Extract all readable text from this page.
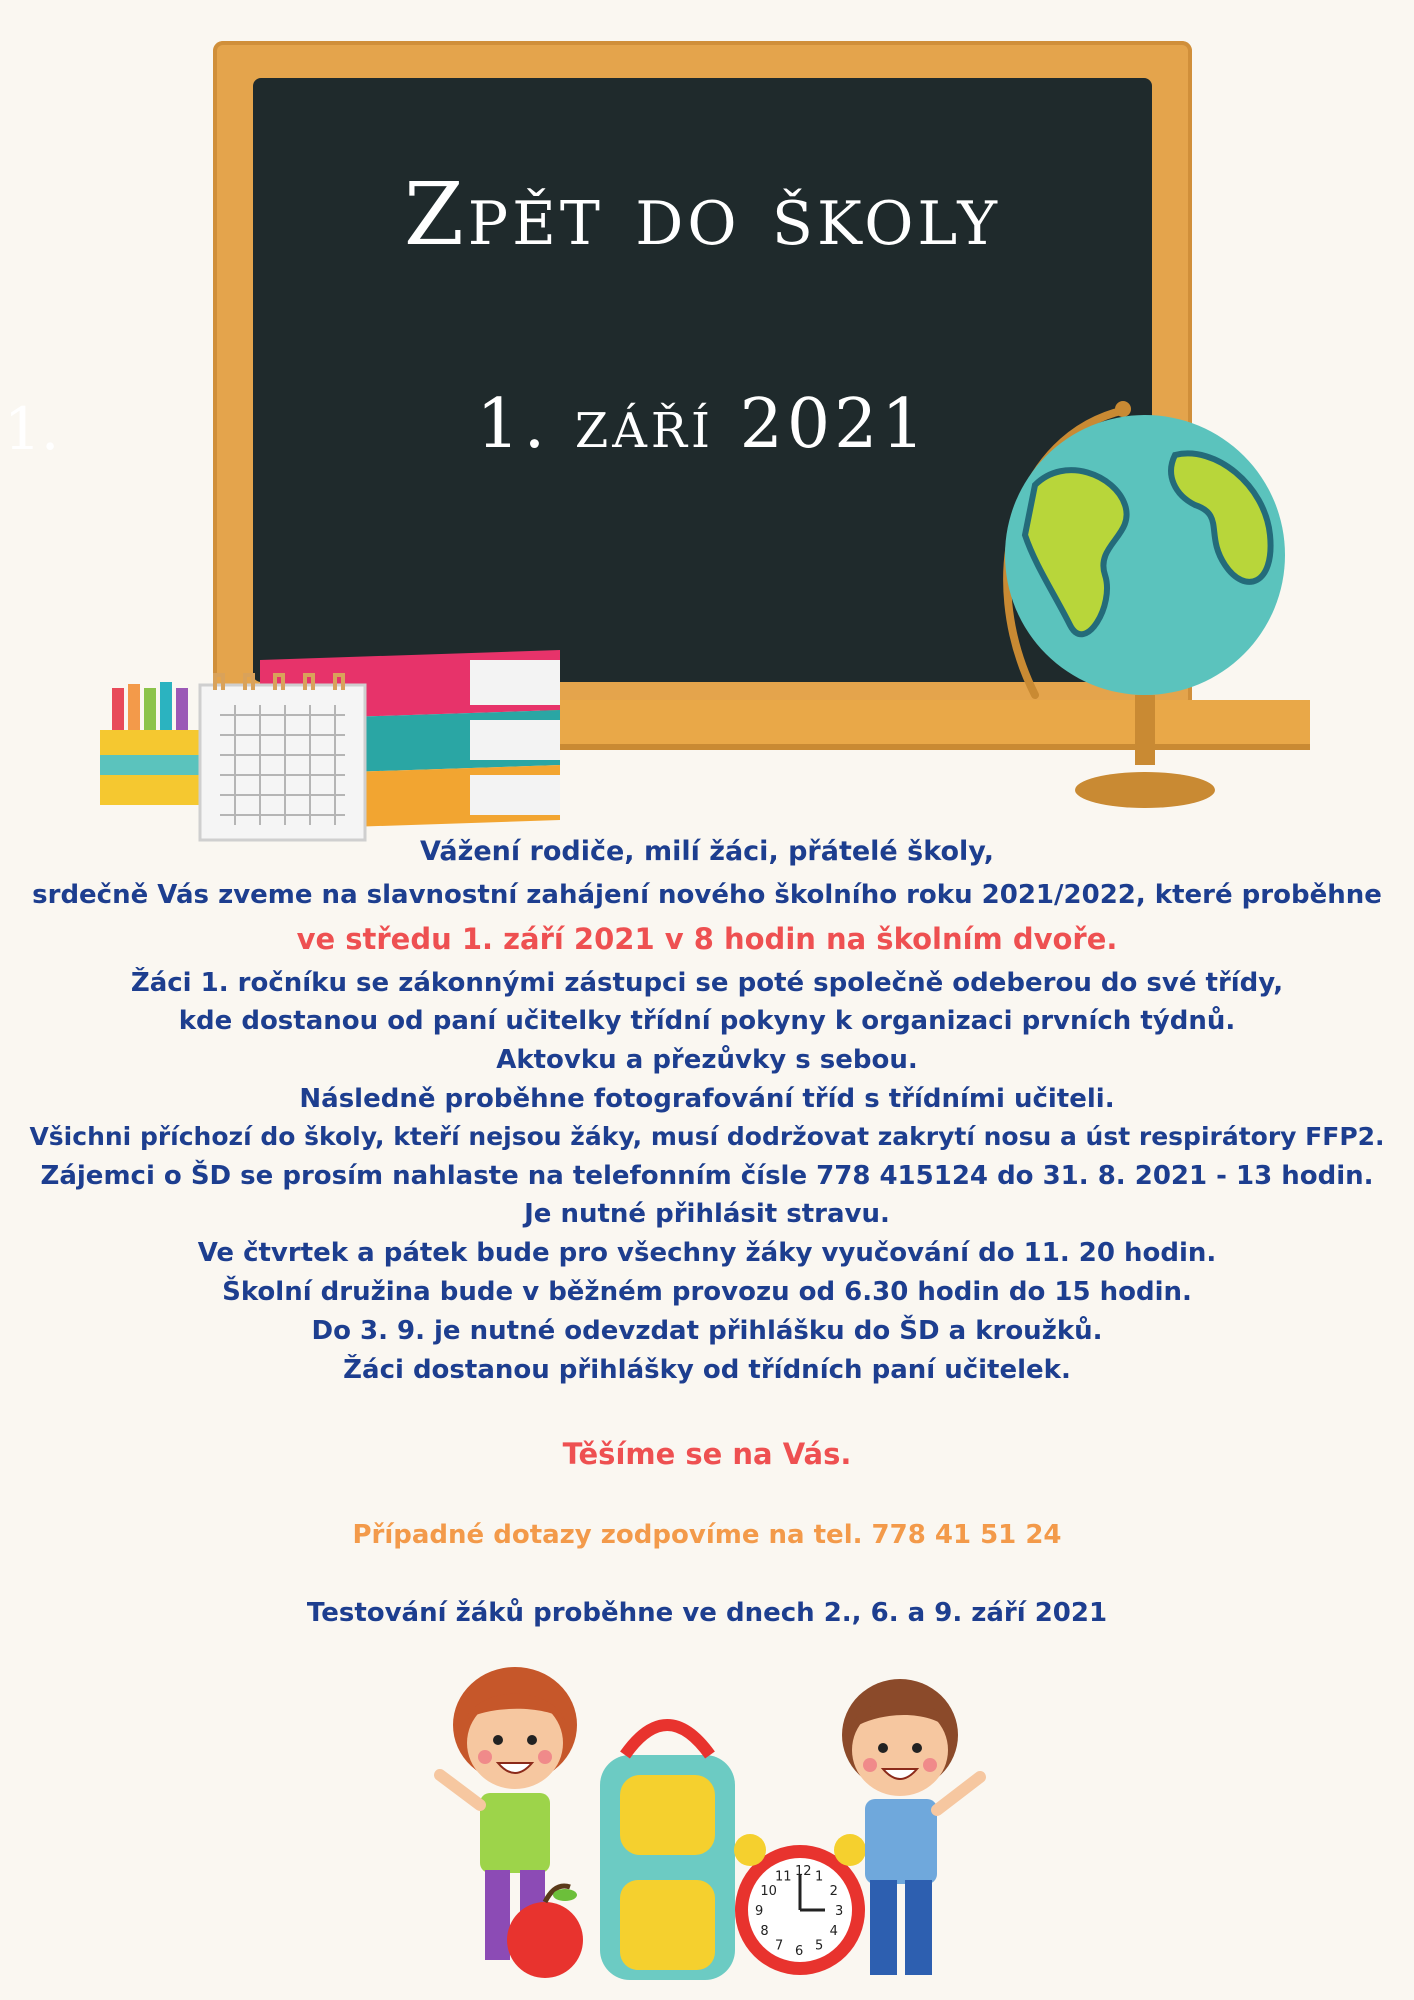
Zpět do školy
1. září 2021
1.
Vážení rodiče, milí žáci, přátelé školy,
srdečně Vás zveme na slavnostní zahájení nového školního roku 2021/2022, které proběhne
ve středu 1. září 2021 v 8 hodin na školním dvoře.
Žáci 1. ročníku se zákonnými zástupci se poté společně odeberou do své třídy,
kde dostanou od paní učitelky třídní pokyny k organizaci prvních týdnů.
Aktovku a přezůvky s sebou.
Následně proběhne fotografování tříd s třídními učiteli.
Všichni příchozí do školy, kteří nejsou žáky, musí dodržovat zakrytí nosu a úst respirátory FFP2.
Zájemci o ŠD se prosím nahlaste na telefonním čísle 778 415124 do 31. 8. 2021 - 13 hodin.
Je nutné přihlásit stravu.
Ve čtvrtek a pátek bude pro všechny žáky vyučování do 11. 20 hodin.
Školní družina bude v běžném provozu od 6.30 hodin do 15 hodin.
Do 3. 9. je nutné odevzdat přihlášku do ŠD a kroužků.
Žáci dostanou přihlášky od třídních paní učitelek.
Těšíme se na Vás.
Případné dotazy zodpovíme na tel. 778 41 51 24
Testování žáků proběhne ve dnech 2., 6. a 9. září 2021
1011 12 12 3 4 56789
